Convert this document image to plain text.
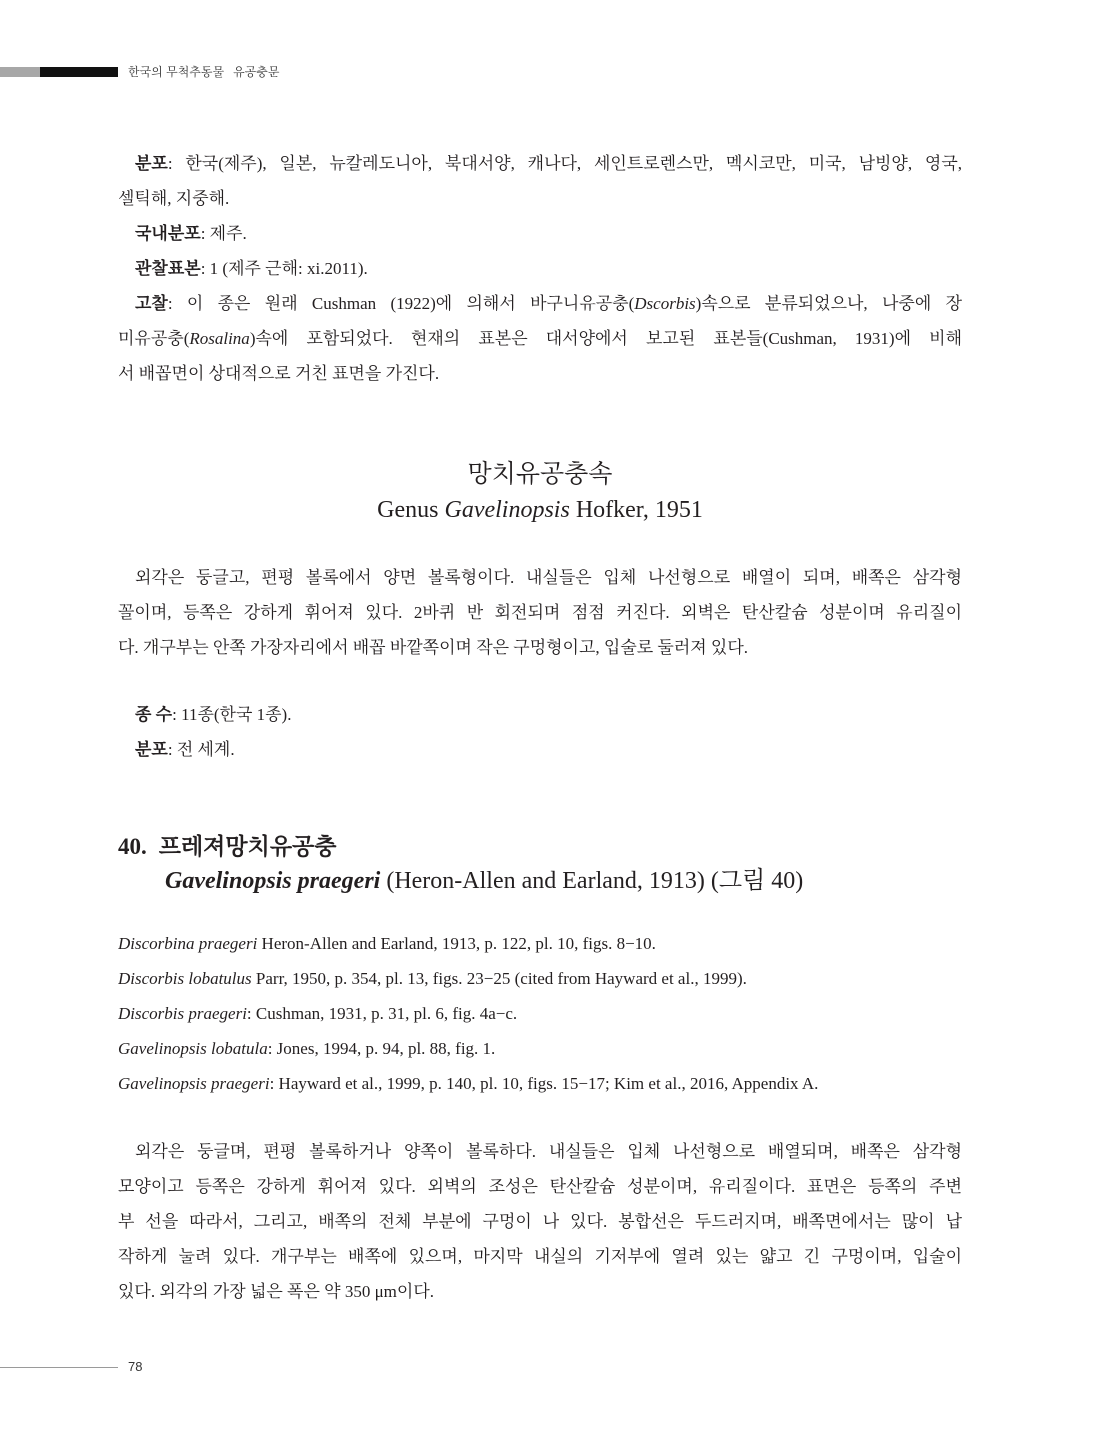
한국의 무척추동물 유공충문
분포: 한국(제주), 일본, 뉴칼레도니아, 북대서양, 캐나다, 세인트로렌스만, 멕시코만, 미국, 남빙양, 영국,
셀틱해, 지중해.
국내분포: 제주.
관찰표본: 1 (제주 근해: xi.2011).
고찰: 이 종은 원래 Cushman (1922)에 의해서 바구니유공충(Dscorbis)속으로 분류되었으나, 나중에 장
미유공충(Rosalina)속에 포함되었다. 현재의 표본은 대서양에서 보고된 표본들(Cushman, 1931)에 비해
서 배꼽면이 상대적으로 거친 표면을 가진다.
망치유공충속
Genus Gavelinopsis Hofker, 1951
외각은 둥글고, 편평 볼록에서 양면 볼록형이다. 내실들은 입체 나선형으로 배열이 되며, 배쪽은 삼각형
꼴이며, 등쪽은 강하게 휘어져 있다. 2바퀴 반 회전되며 점점 커진다. 외벽은 탄산칼슘 성분이며 유리질이
다. 개구부는 안쪽 가장자리에서 배꼽 바깥쪽이며 작은 구멍형이고, 입술로 둘러져 있다.
종 수: 11종(한국 1종).
분포: 전 세계.
40. 프레져망치유공충
Gavelinopsis praegeri (Heron-Allen and Earland, 1913) (그림 40)
Discorbina praegeri Heron-Allen and Earland, 1913, p. 122, pl. 10, figs. 8−10.
Discorbis lobatulus Parr, 1950, p. 354, pl. 13, figs. 23−25 (cited from Hayward et al., 1999).
Discorbis praegeri: Cushman, 1931, p. 31, pl. 6, fig. 4a−c.
Gavelinopsis lobatula: Jones, 1994, p. 94, pl. 88, fig. 1.
Gavelinopsis praegeri: Hayward et al., 1999, p. 140, pl. 10, figs. 15−17; Kim et al., 2016, Appendix A.
외각은 둥글며, 편평 볼록하거나 양쪽이 볼록하다. 내실들은 입체 나선형으로 배열되며, 배쪽은 삼각형
모양이고 등쪽은 강하게 휘어져 있다. 외벽의 조성은 탄산칼슘 성분이며, 유리질이다. 표면은 등쪽의 주변
부 선을 따라서, 그리고, 배쪽의 전체 부분에 구멍이 나 있다. 봉합선은 두드러지며, 배쪽면에서는 많이 납
작하게 눌려 있다. 개구부는 배쪽에 있으며, 마지막 내실의 기저부에 열려 있는 얇고 긴 구멍이며, 입술이
있다. 외각의 가장 넓은 폭은 약 350 μm이다.
78
